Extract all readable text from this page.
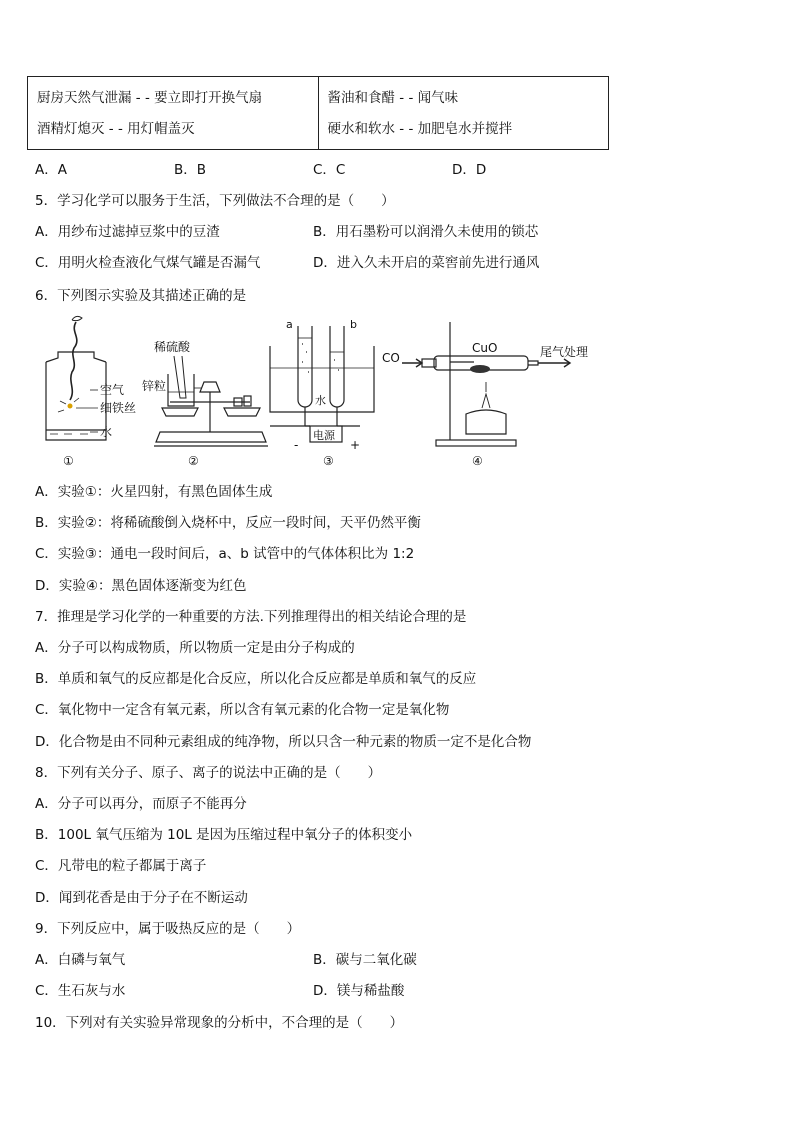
厨房天然气泄漏 - - 要立即打开换气扇
酒精灯熄灭 - - 用灯帽盖灭

酱油和食醋 - - 闻气味
硬水和软水 - - 加肥皂水并搅拌
A．A	B．B	C．C	D．D
5．学习化学可以服务于生活，下列做法不合理的是（　　）
A．用纱布过滤掉豆浆中的豆渣	B．用石墨粉可以润滑久未使用的锁芯
C．用明火检查液化气煤气罐是否漏气	D．进入久未开启的菜窖前先进行通风
6．下列图示实验及其描述正确的是
空气
细铁丝
水
①
稀硫酸
锌粒
②
a	b
水
电源
-	+
③
CO
CuO	尾气处理
④
A．实验①：火星四射，有黑色固体生成
B．实验②：将稀硫酸倒入烧杯中，反应一段时间，天平仍然平衡
C．实验③：通电一段时间后，a、b 试管中的气体体积比为 1:2
D．实验④：黑色固体逐渐变为红色
7．推理是学习化学的一种重要的方法.下列推理得出的相关结论合理的是
A．分子可以构成物质，所以物质一定是由分子构成的
B．单质和氧气的反应都是化合反应，所以化合反应都是单质和氧气的反应
C．氧化物中一定含有氧元素，所以含有氧元素的化合物一定是氧化物
D．化合物是由不同种元素组成的纯净物，所以只含一种元素的物质一定不是化合物
8．下列有关分子、原子、离子的说法中正确的是（　　）
A．分子可以再分，而原子不能再分
B．100L 氧气压缩为 10L 是因为压缩过程中氧分子的体积变小
C．凡带电的粒子都属于离子
D．闻到花香是由于分子在不断运动
9．下列反应中，属于吸热反应的是（　　）
A．白磷与氧气	B．碳与二氧化碳
C．生石灰与水	D．镁与稀盐酸
10．下列对有关实验异常现象的分析中，不合理的是（　　）
